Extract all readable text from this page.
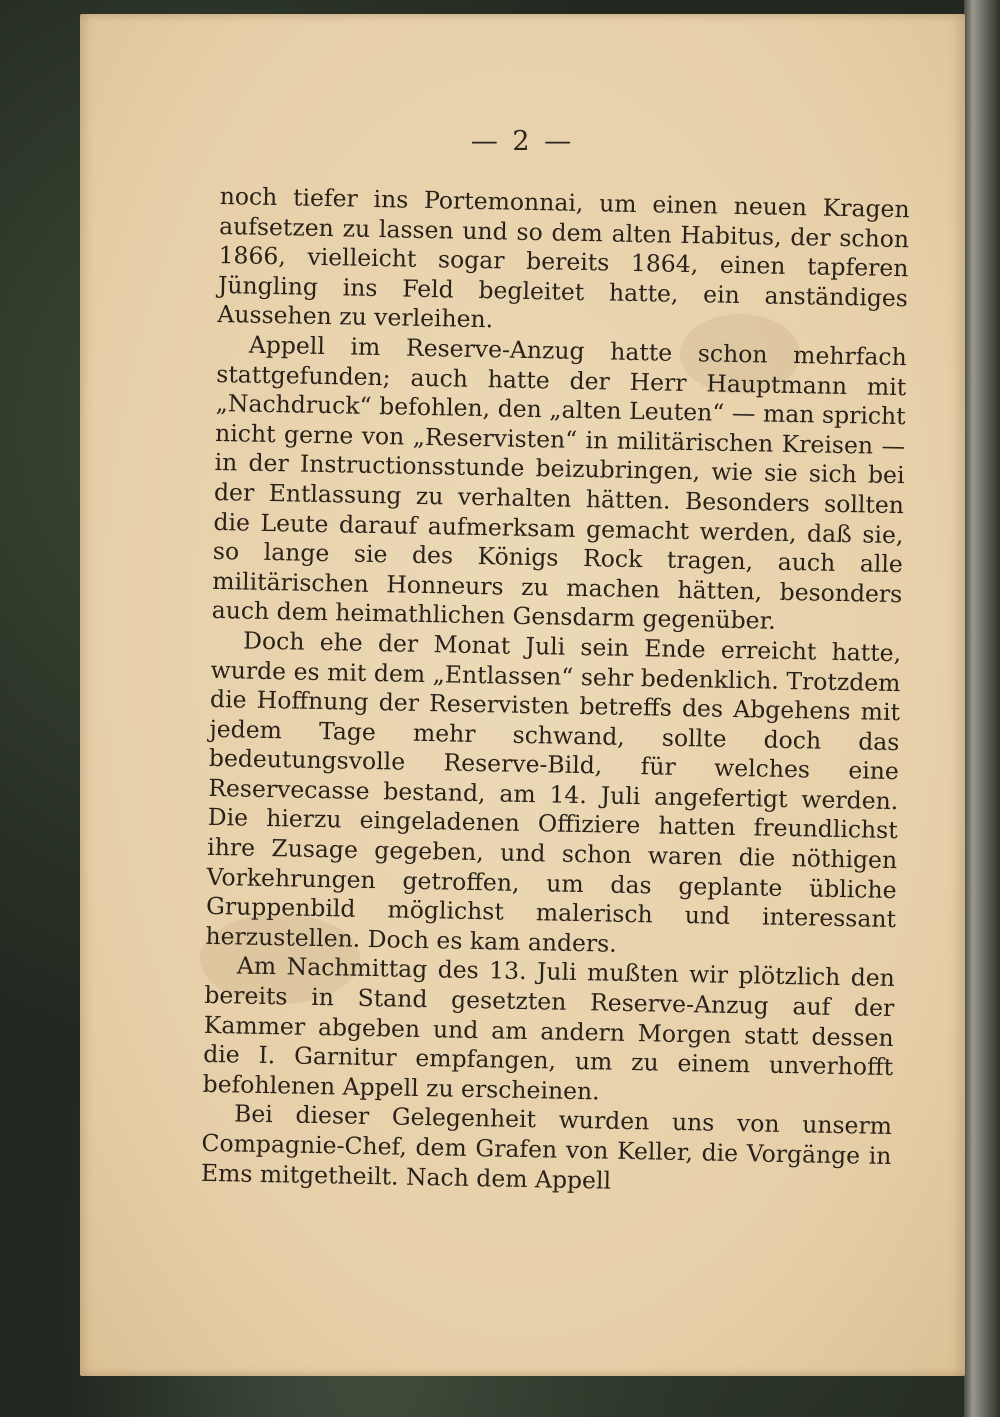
— 2 —

noch tiefer ins Portemonnai, um einen neuen Kragen aufsetzen zu lassen und so dem alten Habitus, der schon 1866, vielleicht sogar bereits 1864, einen tapferen Jüngling ins Feld begleitet hatte, ein anständiges Aussehen zu verleihen.

Appell im Reserve-Anzug hatte schon mehrfach stattgefunden; auch hatte der Herr Hauptmann mit „Nachdruck“ befohlen, den „alten Leuten“ — man spricht nicht gerne von „Reservisten“ in militärischen Kreisen — in der Instructionsstunde beizubringen, wie sie sich bei der Entlassung zu verhalten hätten. Besonders sollten die Leute darauf aufmerksam gemacht werden, daß sie, so lange sie des Königs Rock tragen, auch alle militärischen Honneurs zu machen hätten, besonders auch dem heimathlichen Gensdarm gegenüber.

Doch ehe der Monat Juli sein Ende erreicht hatte, wurde es mit dem „Entlassen“ sehr bedenklich. Trotzdem die Hoffnung der Reservisten betreffs des Abgehens mit jedem Tage mehr schwand, sollte doch das bedeutungsvolle Reserve-Bild, für welches eine Reservecasse bestand, am 14. Juli angefertigt werden. Die hierzu eingeladenen Offiziere hatten freundlichst ihre Zusage gegeben, und schon waren die nöthigen Vorkehrungen getroffen, um das geplante übliche Gruppenbild möglichst malerisch und interessant herzustellen. Doch es kam anders.

Am Nachmittag des 13. Juli mußten wir plötzlich den bereits in Stand gesetzten Reserve-Anzug auf der Kammer abgeben und am andern Morgen statt dessen die I. Garnitur empfangen, um zu einem unverhofft befohlenen Appell zu erscheinen.

Bei dieser Gelegenheit wurden uns von unserm Compagnie-Chef, dem Grafen von Keller, die Vorgänge in Ems mitgetheilt. Nach dem Appell
